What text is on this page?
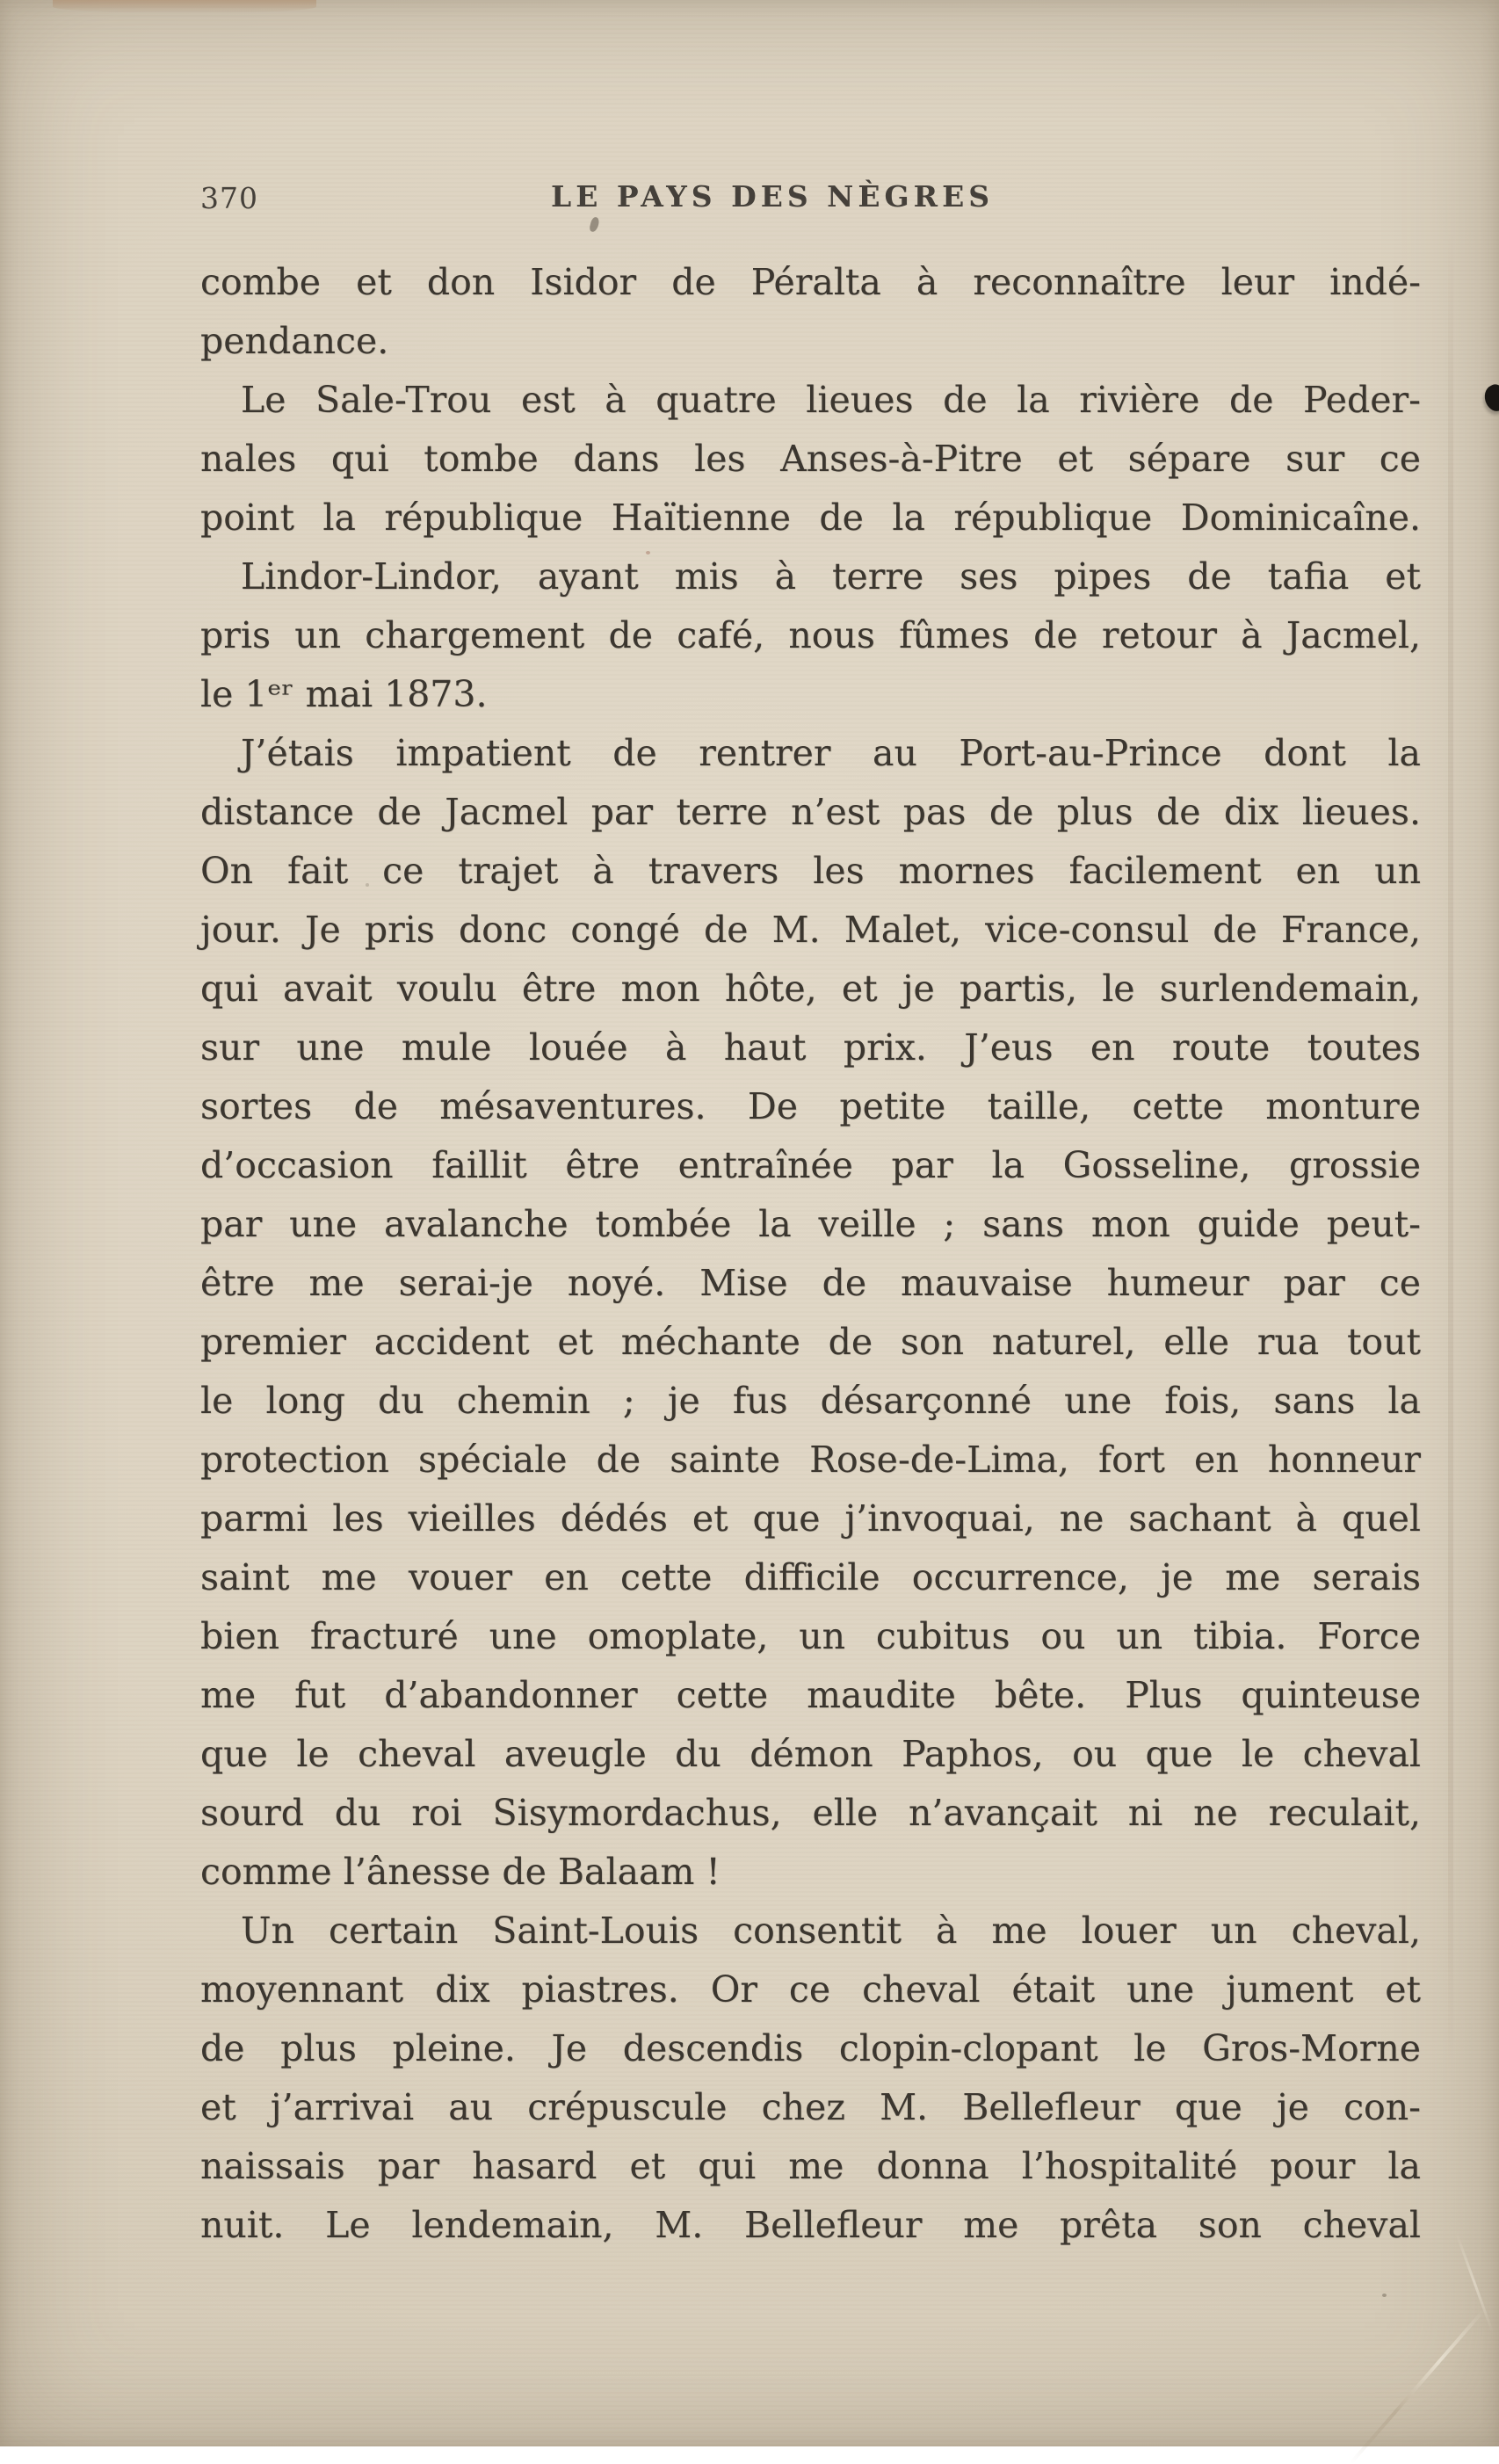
370	LE PAYS DES NÈGRES
combe et don Isidor de Péralta à reconnaître leur indé-
pendance.
Le Sale-Trou est à quatre lieues de la rivière de Peder-
nales qui tombe dans les Anses-à-Pitre et sépare sur ce
point la république Haïtienne de la république Dominicaîne.
Lindor-Lindor, ayant mis à terre ses pipes de tafia et
pris un chargement de café, nous fûmes de retour à Jacmel,
le 1ᵉʳ mai 1873.
J’étais impatient de rentrer au Port-au-Prince dont la
distance de Jacmel par terre n’est pas de plus de dix lieues.
On fait ce trajet à travers les mornes facilement en un
jour. Je pris donc congé de M. Malet, vice-consul de France,
qui avait voulu être mon hôte, et je partis, le surlendemain,
sur une mule louée à haut prix. J’eus en route toutes
sortes de mésaventures. De petite taille, cette monture
d’occasion faillit être entraînée par la Gosseline, grossie
par une avalanche tombée la veille ; sans mon guide peut-
être me serai-je noyé. Mise de mauvaise humeur par ce
premier accident et méchante de son naturel, elle rua tout
le long du chemin ; je fus désarçonné une fois, sans la
protection spéciale de sainte Rose-de-Lima, fort en honneur
parmi les vieilles dédés et que j’invoquai, ne sachant à quel
saint me vouer en cette difficile occurrence, je me serais
bien fracturé une omoplate, un cubitus ou un tibia. Force
me fut d’abandonner cette maudite bête. Plus quinteuse
que le cheval aveugle du démon Paphos, ou que le cheval
sourd du roi Sisymordachus, elle n’avançait ni ne reculait,
comme l’ânesse de Balaam !
Un certain Saint-Louis consentit à me louer un cheval,
moyennant dix piastres. Or ce cheval était une jument et
de plus pleine. Je descendis clopin-clopant le Gros-Morne
et j’arrivai au crépuscule chez M. Bellefleur que je con-
naissais par hasard et qui me donna l’hospitalité pour la
nuit. Le lendemain, M. Bellefleur me prêta son cheval
